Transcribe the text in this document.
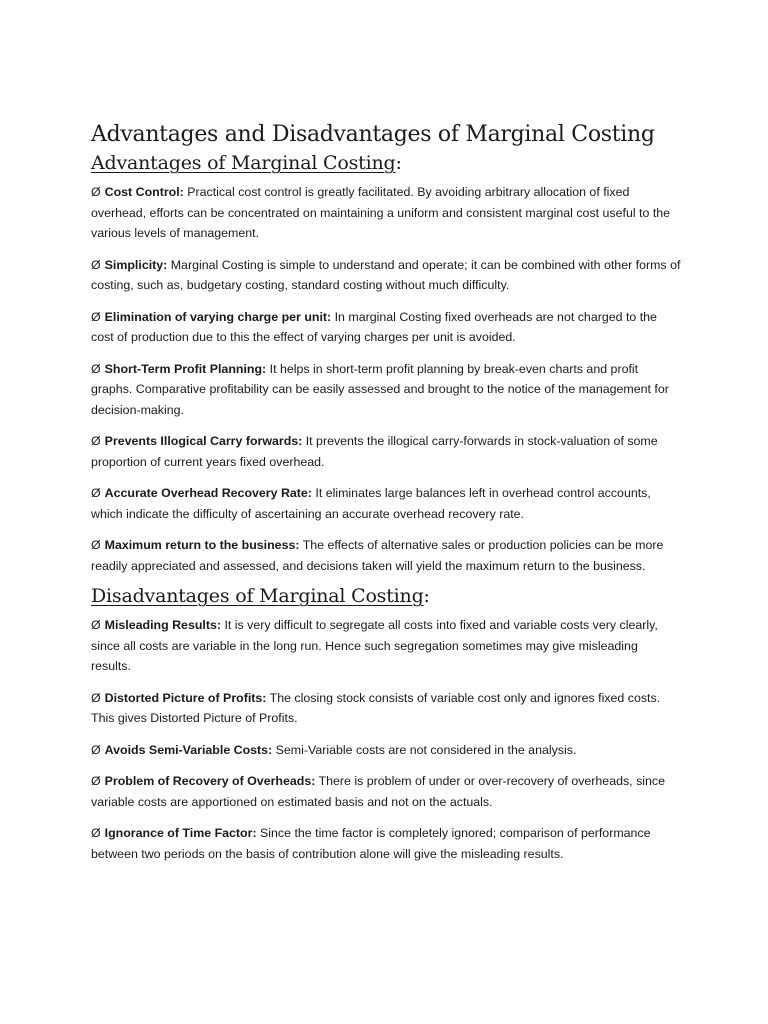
Advantages and Disadvantages of Marginal Costing
Advantages of Marginal Costing:

Ø Cost Control: Practical cost control is greatly facilitated. By avoiding arbitrary allocation of fixed overhead, efforts can be concentrated on maintaining a uniform and consistent marginal cost useful to the various levels of management.

Ø Simplicity: Marginal Costing is simple to understand and operate; it can be combined with other forms of costing, such as, budgetary costing, standard costing without much difficulty.

Ø Elimination of varying charge per unit: In marginal Costing fixed overheads are not charged to the cost of production due to this the effect of varying charges per unit is avoided.

Ø Short-Term Profit Planning: It helps in short-term profit planning by break-even charts and profit graphs. Comparative profitability can be easily assessed and brought to the notice of the management for decision-making.

Ø Prevents Illogical Carry forwards: It prevents the illogical carry-forwards in stock-valuation of some proportion of current years fixed overhead.

Ø Accurate Overhead Recovery Rate: It eliminates large balances left in overhead control accounts, which indicate the difficulty of ascertaining an accurate overhead recovery rate.

Ø Maximum return to the business: The effects of alternative sales or production policies can be more readily appreciated and assessed, and decisions taken will yield the maximum return to the business.

Disadvantages of Marginal Costing:

Ø Misleading Results: It is very difficult to segregate all costs into fixed and variable costs very clearly, since all costs are variable in the long run. Hence such segregation sometimes may give misleading results.

Ø Distorted Picture of Profits: The closing stock consists of variable cost only and ignores fixed costs. This gives Distorted Picture of Profits.

Ø Avoids Semi-Variable Costs: Semi-Variable costs are not considered in the analysis.

Ø Problem of Recovery of Overheads: There is problem of under or over-recovery of overheads, since variable costs are apportioned on estimated basis and not on the actuals.

Ø Ignorance of Time Factor: Since the time factor is completely ignored; comparison of performance between two periods on the basis of contribution alone will give the misleading results.
